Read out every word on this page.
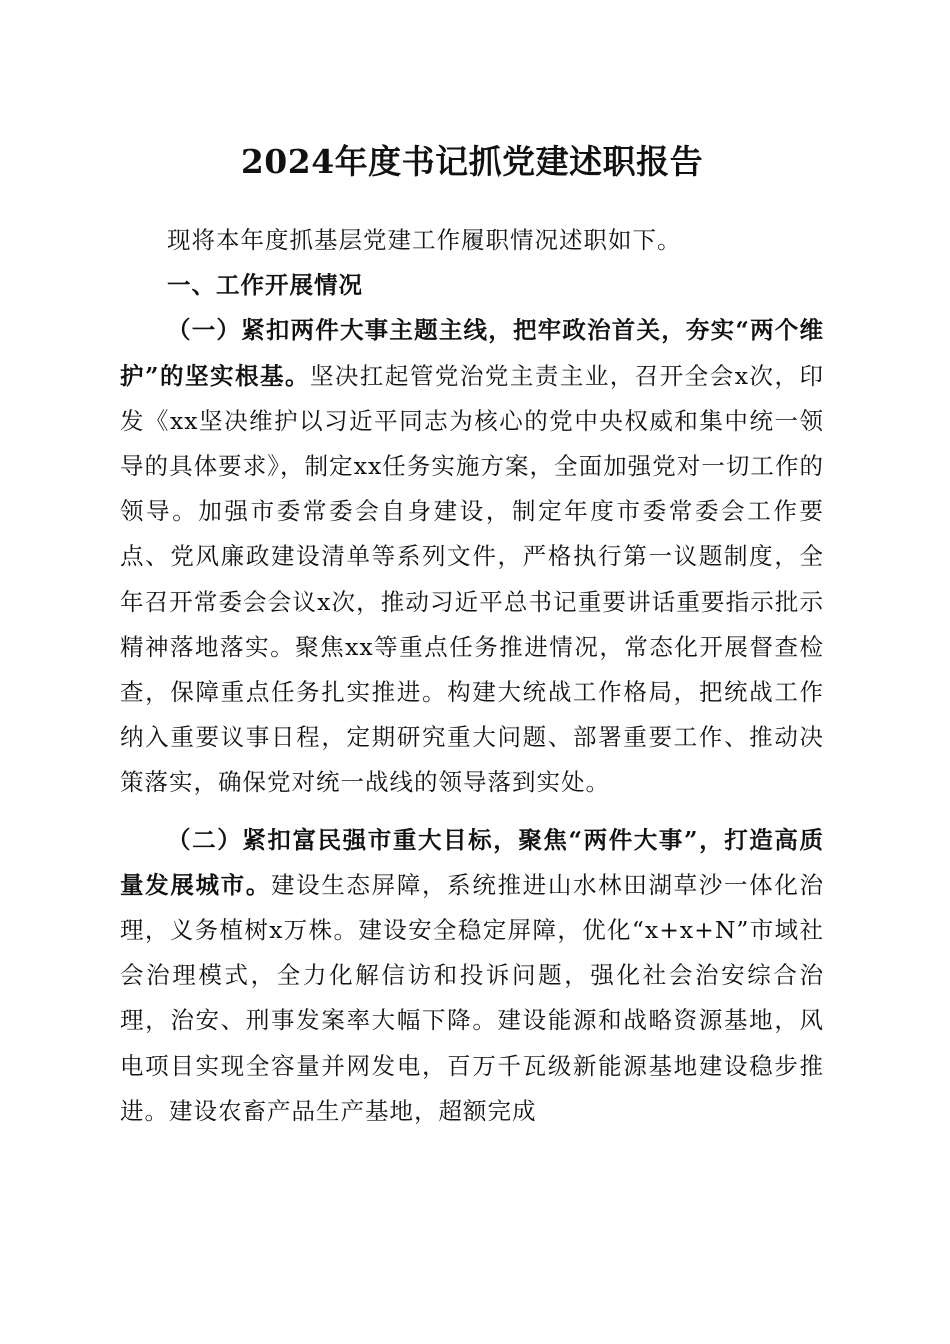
2024年度书记抓党建述职报告

现将本年度抓基层党建工作履职情况述职如下。

一、工作开展情况

（一）紧扣两件大事主题主线，把牢政治首关，夯实“两个维护”的坚实根基。坚决扛起管党治党主责主业，召开全会x次，印发《xx坚决维护以习近平同志为核心的党中央权威和集中统一领导的具体要求》，制定xx任务实施方案，全面加强党对一切工作的领导。加强市委常委会自身建设，制定年度市委常委会工作要点、党风廉政建设清单等系列文件，严格执行第一议题制度，全年召开常委会会议x次，推动习近平总书记重要讲话重要指示批示精神落地落实。聚焦xx等重点任务推进情况，常态化开展督查检查，保障重点任务扎实推进。构建大统战工作格局，把统战工作纳入重要议事日程，定期研究重大问题、部署重要工作、推动决策落实，确保党对统一战线的领导落到实处。

（二）紧扣富民强市重大目标，聚焦“两件大事”，打造高质量发展城市。建设生态屏障，系统推进山水林田湖草沙一体化治理，义务植树x万株。建设安全稳定屏障，优化“x+x+N”市域社会治理模式，全力化解信访和投诉问题，强化社会治安综合治理，治安、刑事发案率大幅下降。建设能源和战略资源基地，风电项目实现全容量并网发电，百万千瓦级新能源基地建设稳步推进。建设农畜产品生产基地，超额完成
